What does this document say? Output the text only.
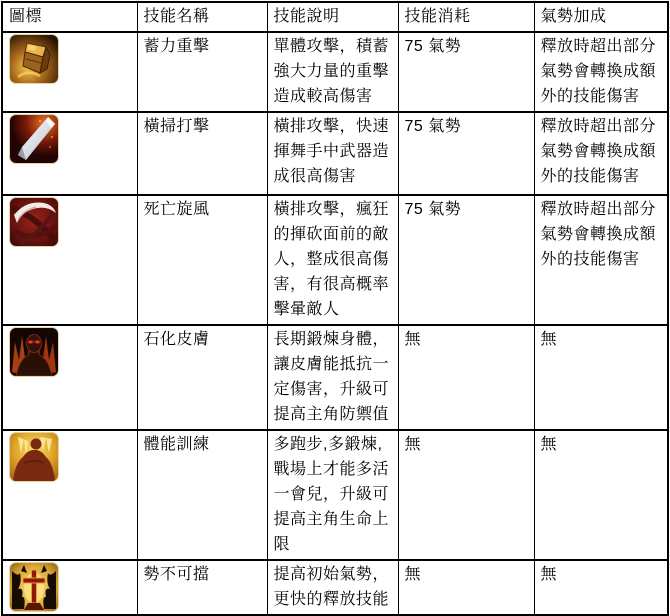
圖標	技能名稱	技能說明	技能消耗	氣勢加成

	蓄力重擊	單體攻擊，積蓄強大力量的重擊造成較高傷害	75 氣勢	釋放時超出部分氣勢會轉換成額外的技能傷害

	橫掃打擊	橫排攻擊，快速揮舞手中武器造成很高傷害	75 氣勢	釋放時超出部分氣勢會轉換成額外的技能傷害

	死亡旋風	橫排攻擊，瘋狂的揮砍面前的敵人，整成很高傷害，有很高概率擊暈敵人	75 氣勢	釋放時超出部分氣勢會轉換成額外的技能傷害

	石化皮膚	長期鍛煉身體，讓皮膚能抵抗一定傷害，升級可提高主角防禦值	無	無

	體能訓練	多跑步,多鍛煉,戰場上才能多活一會兒，升級可提高主角生命上限	無	無

	勢不可擋	提高初始氣勢，更快的釋放技能	無	無
